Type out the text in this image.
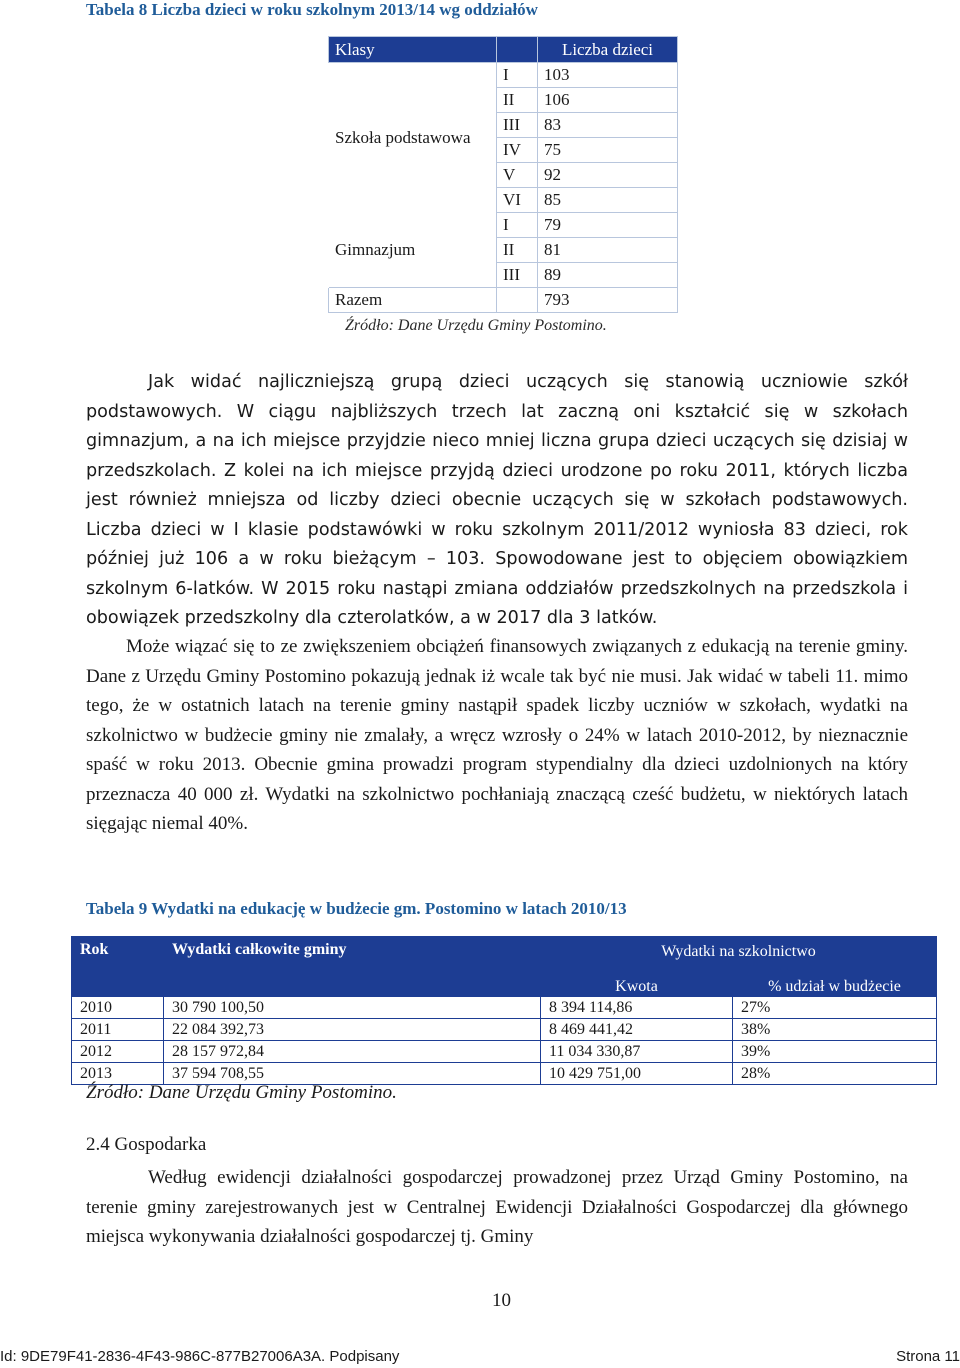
Tabela 8 Liczba dzieci w roku szkolnym 2013/14 wg oddziałów
Klasy		Liczba dzieci
Szkoła podstawowa	I	103
	II	106
	III	83
	IV	75
	V	92
	VI	85
Gimnazjum	I	79
	II	81
	III	89
Razem		793
Źródło: Dane Urzędu Gminy Postomino.

Jak widać najliczniejszą grupą dzieci uczących się stanowią uczniowie szkół podstawowych. W ciągu najbliższych trzech lat zaczną oni kształcić się w szkołach gimnazjum, a na ich miejsce przyjdzie nieco mniej liczna grupa dzieci uczących się dzisiaj w przedszkolach. Z kolei na ich miejsce przyjdą dzieci urodzone po roku 2011, których liczba jest również mniejsza od liczby dzieci obecnie uczących się w szkołach podstawowych. Liczba dzieci w I klasie podstawówki w roku szkolnym 2011/2012 wyniosła 83 dzieci, rok później już 106 a w roku bieżącym – 103. Spowodowane jest to objęciem obowiązkiem szkolnym 6-latków. W 2015 roku nastąpi zmiana oddziałów przedszkolnych na przedszkola i obowiązek przedszkolny dla czterolatków, a w 2017 dla 3 latków.

Może wiązać się to ze zwiększeniem obciążeń finansowych związanych z edukacją na terenie gminy. Dane z Urzędu Gminy Postomino pokazują jednak iż wcale tak być nie musi. Jak widać w tabeli 11. mimo tego, że w ostatnich latach na terenie gminy nastąpił spadek liczby uczniów w szkołach, wydatki na szkolnictwo w budżecie gminy nie zmalały, a wręcz wzrosły o 24% w latach 2010-2012, by nieznacznie spaść w roku 2013. Obecnie gmina prowadzi program stypendialny dla dzieci uzdolnionych na który przeznacza 40 000 zł. Wydatki na szkolnictwo pochłaniają znaczącą cześć budżetu, w niektórych latach sięgając niemal 40%.

Tabela 9 Wydatki na edukację w budżecie gm. Postomino w latach 2010/13
Rok	Wydatki całkowite gminy	Wydatki na szkolnictwo	
		Kwota	% udział w budżecie
2010	30 790 100,50	8 394 114,86	27%
2011	22 084 392,73	8 469 441,42	38%
2012	28 157 972,84	11 034 330,87	39%
2013	37 594 708,55	10 429 751,00	28%
Źródło: Dane Urzędu Gminy Postomino.
2.4 Gospodarka

Według ewidencji działalności gospodarczej prowadzonej przez Urząd Gminy Postomino, na terenie gminy zarejestrowanych jest w Centralnej Ewidencji Działalności Gospodarczej dla głównego miejsca wykonywania działalności gospodarczej tj. Gminy

10
Id: 9DE79F41-2836-4F43-986C-877B27006A3A. Podpisany	Strona 11
